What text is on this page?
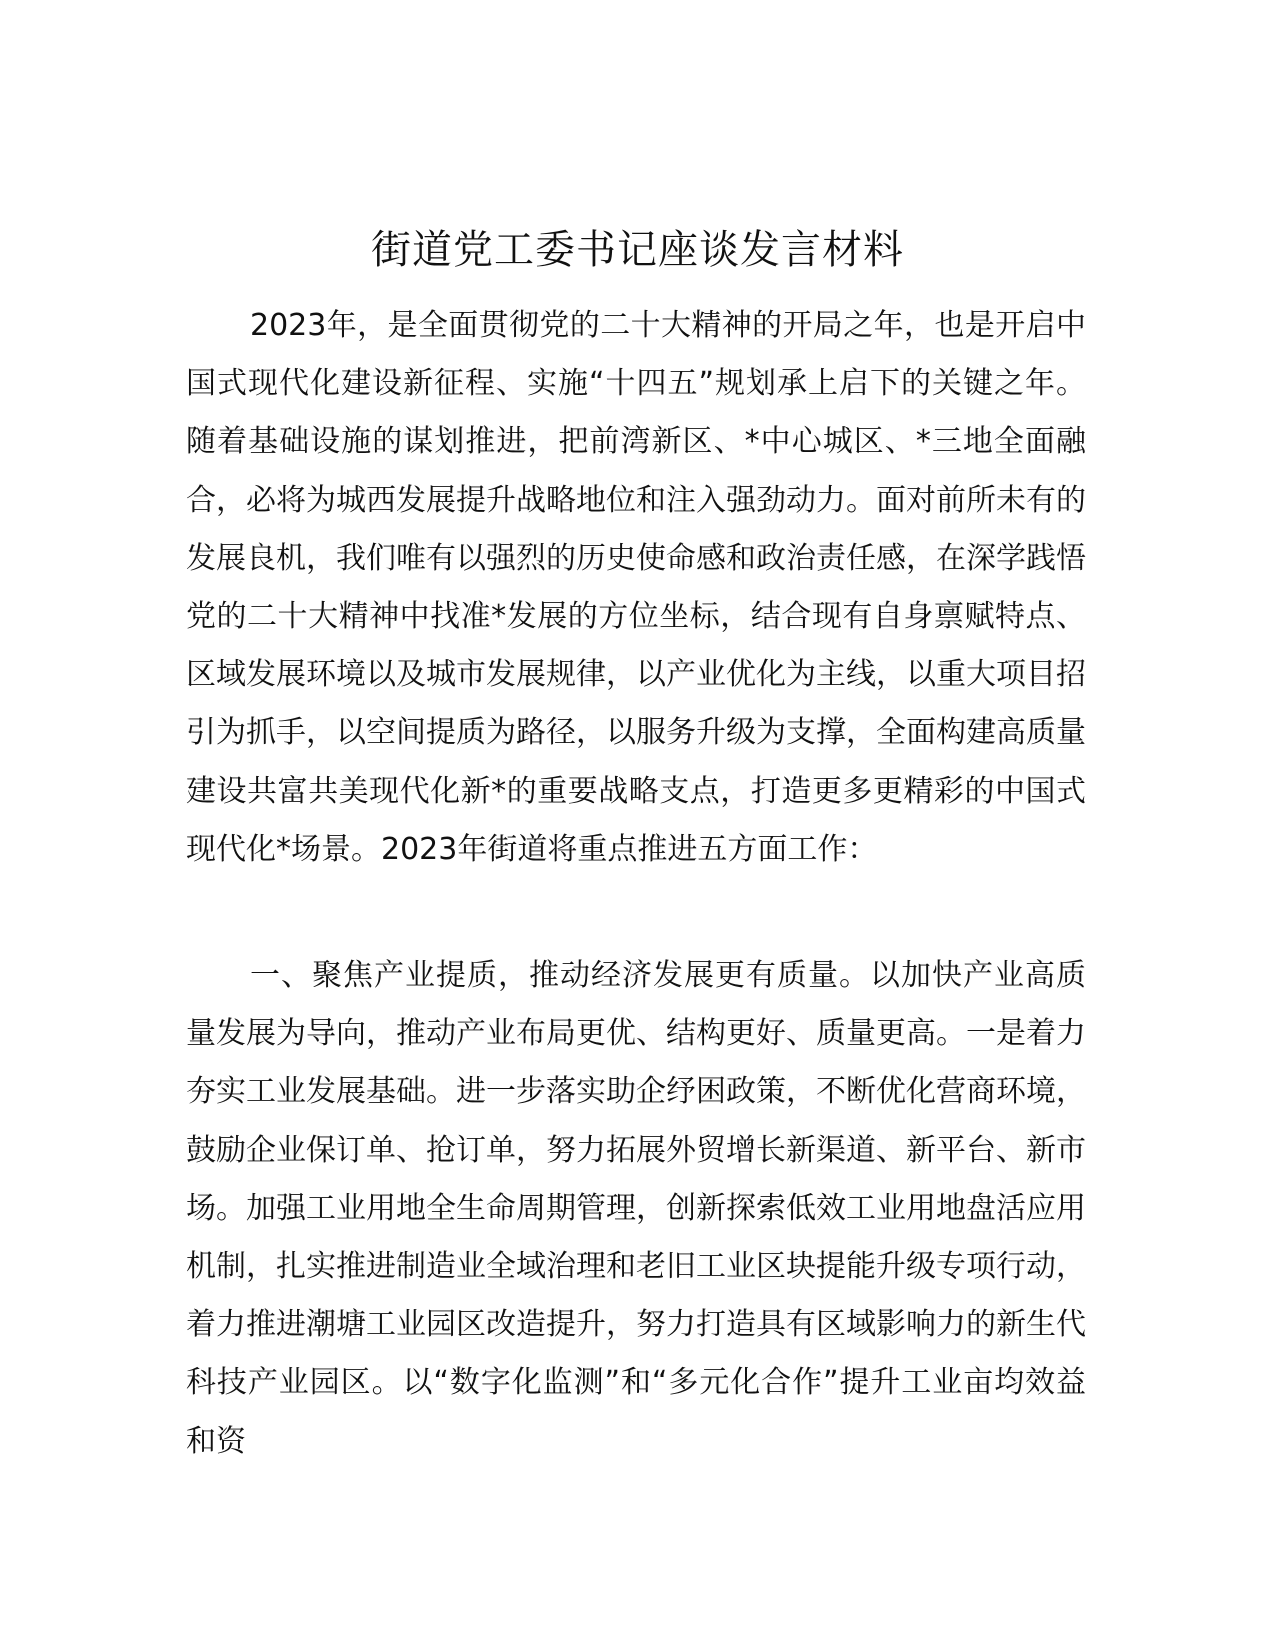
街道党工委书记座谈发言材料

2023年，是全面贯彻党的二十大精神的开局之年，也是开启中国式现代化建设新征程、实施“十四五”规划承上启下的关键之年。随着基础设施的谋划推进，把前湾新区、*中心城区、*三地全面融合，必将为城西发展提升战略地位和注入强劲动力。面对前所未有的发展良机，我们唯有以强烈的历史使命感和政治责任感，在深学践悟党的二十大精神中找准*发展的方位坐标，结合现有自身禀赋特点、区域发展环境以及城市发展规律，以产业优化为主线，以重大项目招引为抓手，以空间提质为路径，以服务升级为支撑，全面构建高质量建设共富共美现代化新*的重要战略支点，打造更多更精彩的中国式现代化*场景。2023年街道将重点推进五方面工作：

一、聚焦产业提质，推动经济发展更有质量。以加快产业高质量发展为导向，推动产业布局更优、结构更好、质量更高。一是着力夯实工业发展基础。进一步落实助企纾困政策，不断优化营商环境，鼓励企业保订单、抢订单，努力拓展外贸增长新渠道、新平台、新市场。加强工业用地全生命周期管理，创新探索低效工业用地盘活应用机制，扎实推进制造业全域治理和老旧工业区块提能升级专项行动，着力推进潮塘工业园区改造提升，努力打造具有区域影响力的新生代科技产业园区。以“数字化监测”和“多元化合作”提升工业亩均效益和资
